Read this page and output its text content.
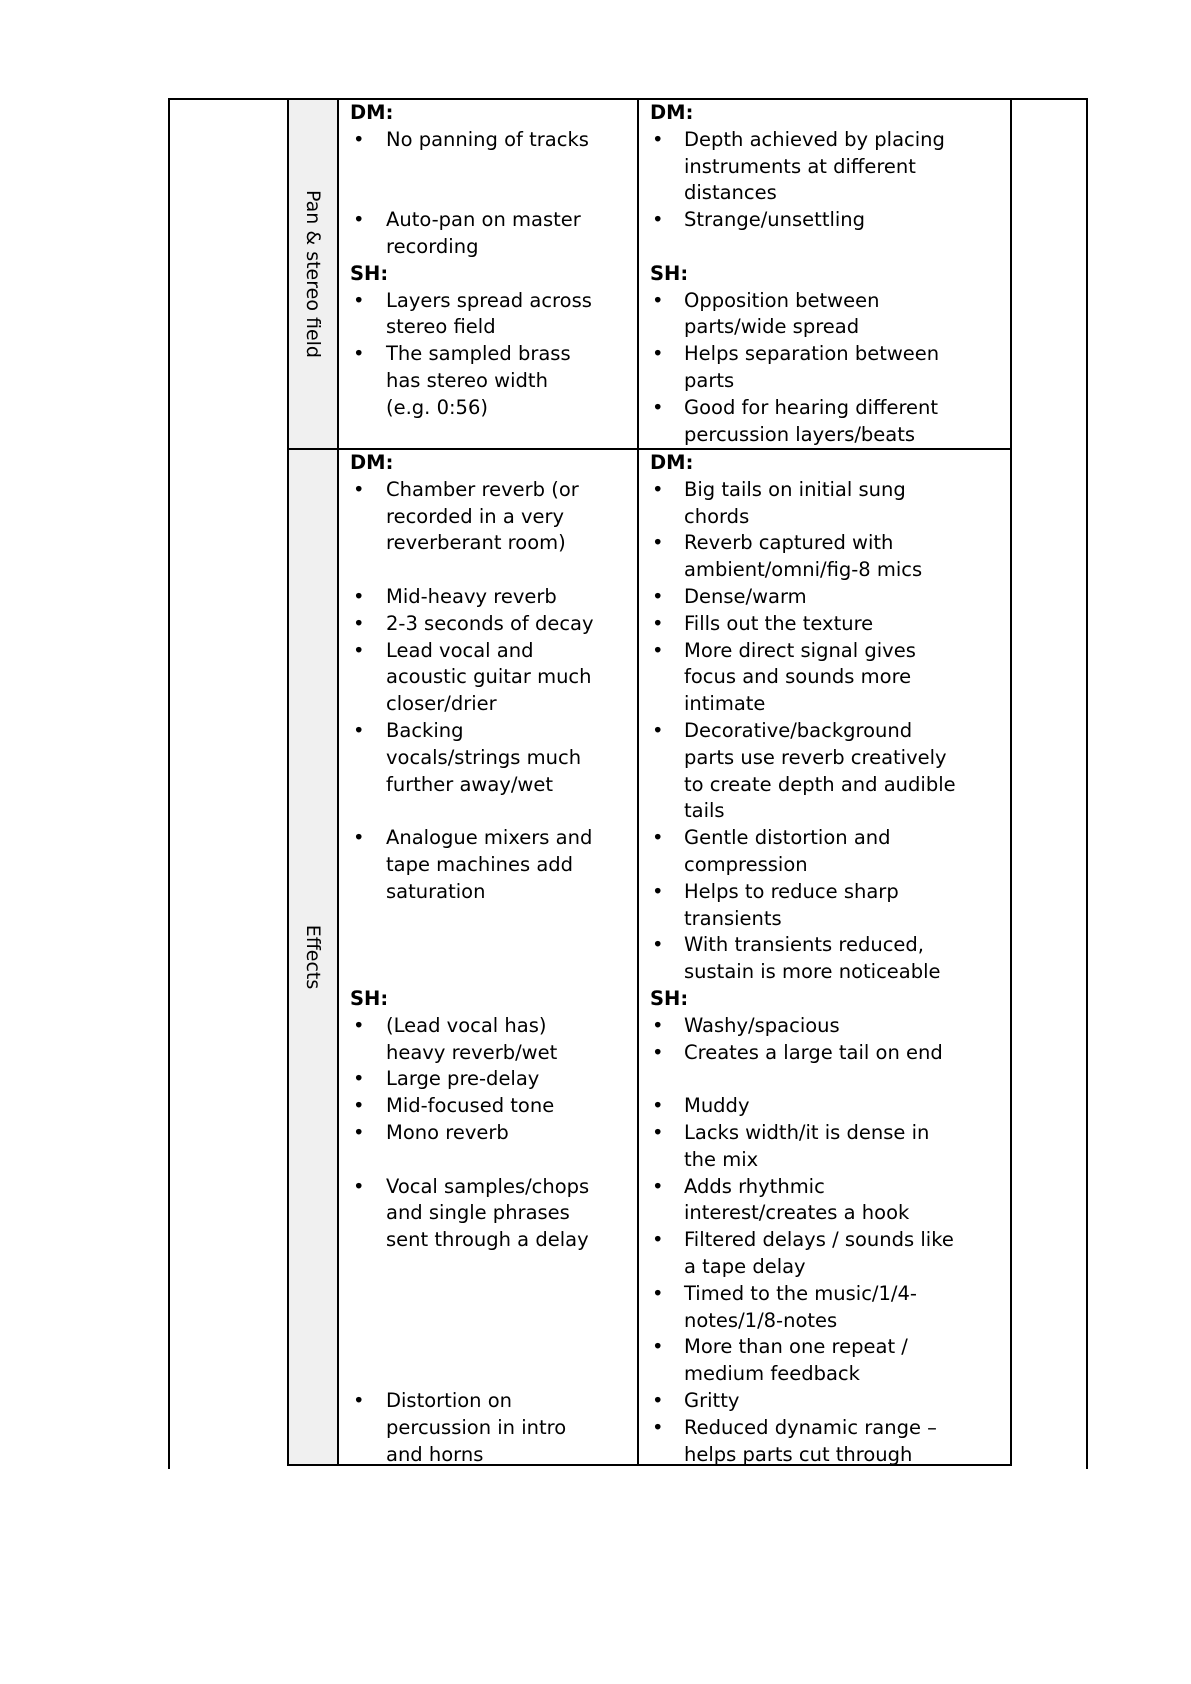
Pan & stereo field
Effects
DM:
• No panning of tracks
• Auto-pan on master
recording
SH:
• Layers spread across
stereo field
• The sampled brass
has stereo width
(e.g. 0:56)
DM:
• Depth achieved by placing
instruments at different
distances
• Strange/unsettling
SH:
• Opposition between
parts/wide spread
• Helps separation between
parts
• Good for hearing different
percussion layers/beats
DM:
• Chamber reverb (or
recorded in a very
reverberant room)
• Mid-heavy reverb
• 2-3 seconds of decay
• Lead vocal and
acoustic guitar much
closer/drier
• Backing
vocals/strings much
further away/wet
• Analogue mixers and
tape machines add
saturation
SH:
• (Lead vocal has)
heavy reverb/wet
• Large pre-delay
• Mid-focused tone
• Mono reverb
• Vocal samples/chops
and single phrases
sent through a delay
• Distortion on
percussion in intro
and horns
DM:
• Big tails on initial sung
chords
• Reverb captured with
ambient/omni/fig-8 mics
• Dense/warm
• Fills out the texture
• More direct signal gives
focus and sounds more
intimate
• Decorative/background
parts use reverb creatively
to create depth and audible
tails
• Gentle distortion and
compression
• Helps to reduce sharp
transients
• With transients reduced,
sustain is more noticeable
SH:
• Washy/spacious
• Creates a large tail on end
• Muddy
• Lacks width/it is dense in
the mix
• Adds rhythmic
interest/creates a hook
• Filtered delays / sounds like
a tape delay
• Timed to the music/1/4-
notes/1/8-notes
• More than one repeat /
medium feedback
• Gritty
• Reduced dynamic range –
helps parts cut through
